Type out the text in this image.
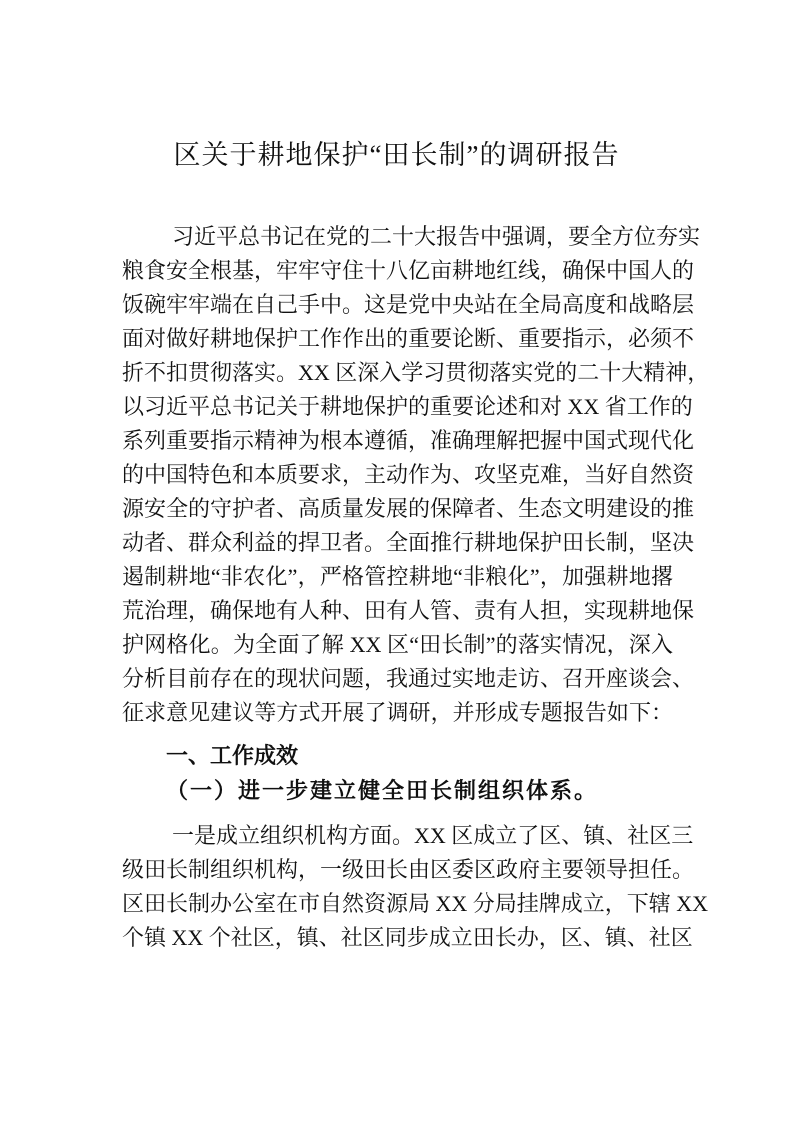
区关于耕地保护“田长制”的调研报告
习近平总书记在党的二十大报告中强调，要全方位夯实
粮食安全根基，牢牢守住十八亿亩耕地红线，确保中国人的
饭碗牢牢端在自己手中。这是党中央站在全局高度和战略层
面对做好耕地保护工作作出的重要论断、重要指示，必须不
折不扣贯彻落实。XX 区深入学习贯彻落实党的二十大精神，
以习近平总书记关于耕地保护的重要论述和对 XX 省工作的
系列重要指示精神为根本遵循，准确理解把握中国式现代化
的中国特色和本质要求，主动作为、攻坚克难，当好自然资
源安全的守护者、高质量发展的保障者、生态文明建设的推
动者、群众利益的捍卫者。全面推行耕地保护田长制，坚决
遏制耕地“非农化”，严格管控耕地“非粮化”，加强耕地撂
荒治理，确保地有人种、田有人管、责有人担，实现耕地保
护网格化。为全面了解 XX 区“田长制”的落实情况，深入
分析目前存在的现状问题，我通过实地走访、召开座谈会、
征求意见建议等方式开展了调研，并形成专题报告如下：
一、工作成效
（一）进一步建立健全田长制组织体系。
一是成立组织机构方面。XX 区成立了区、镇、社区三
级田长制组织机构，一级田长由区委区政府主要领导担任。
区田长制办公室在市自然资源局 XX 分局挂牌成立，下辖 XX
个镇 XX 个社区，镇、社区同步成立田长办，区、镇、社区
